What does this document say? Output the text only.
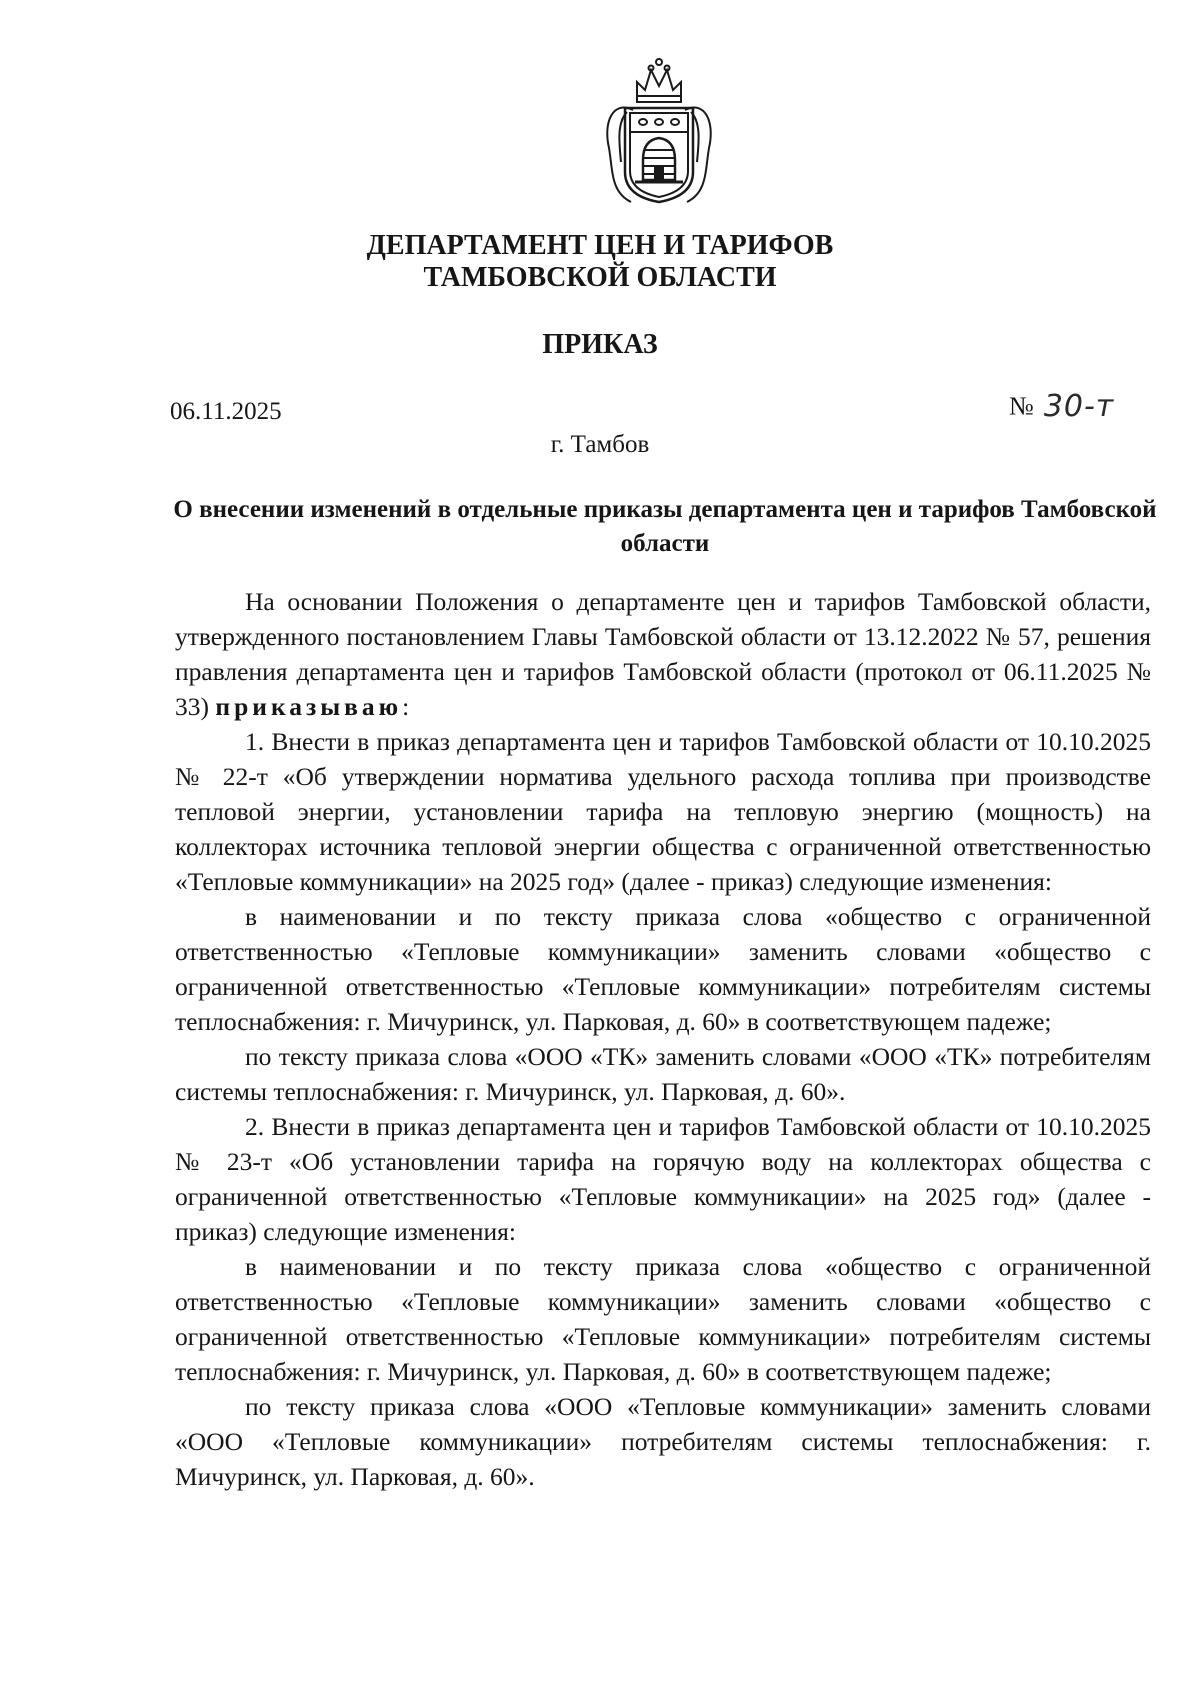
ДЕПАРТАМЕНТ ЦЕН И ТАРИФОВ
ТАМБОВСКОЙ ОБЛАСТИ
ПРИКАЗ
06.11.2025	№ 30-т
г. Тамбов
О внесении изменений в отдельные приказы департамента цен и тарифов Тамбовской области

На основании Положения о департаменте цен и тарифов Тамбовской области, утвержденного постановлением Главы Тамбовской области от 13.12.2022 № 57, решения правления департамента цен и тарифов Тамбовской области (протокол от 06.11.2025 № 33) приказываю:

1. Внести в приказ департамента цен и тарифов Тамбовской области от 10.10.2025 № 22-т «Об утверждении норматива удельного расхода топлива при производстве тепловой энергии, установлении тарифа на тепловую энергию (мощность) на коллекторах источника тепловой энергии общества с ограниченной ответственностью «Тепловые коммуникации» на 2025 год» (далее - приказ) следующие изменения:

в наименовании и по тексту приказа слова «общество с ограниченной ответственностью «Тепловые коммуникации» заменить словами «общество с ограниченной ответственностью «Тепловые коммуникации» потребителям системы теплоснабжения: г. Мичуринск, ул. Парковая, д. 60» в соответствующем падеже;

по тексту приказа слова «ООО «ТК» заменить словами «ООО «ТК» потребителям системы теплоснабжения: г. Мичуринск, ул. Парковая, д. 60».

2. Внести в приказ департамента цен и тарифов Тамбовской области от 10.10.2025 № 23-т «Об установлении тарифа на горячую воду на коллекторах общества с ограниченной ответственностью «Тепловые коммуникации» на 2025 год» (далее - приказ) следующие изменения:

в наименовании и по тексту приказа слова «общество с ограниченной ответственностью «Тепловые коммуникации» заменить словами «общество с ограниченной ответственностью «Тепловые коммуникации» потребителям системы теплоснабжения: г. Мичуринск, ул. Парковая, д. 60» в соответствующем падеже;

по тексту приказа слова «ООО «Тепловые коммуникации» заменить словами «ООО «Тепловые коммуникации» потребителям системы теплоснабжения: г. Мичуринск, ул. Парковая, д. 60».
